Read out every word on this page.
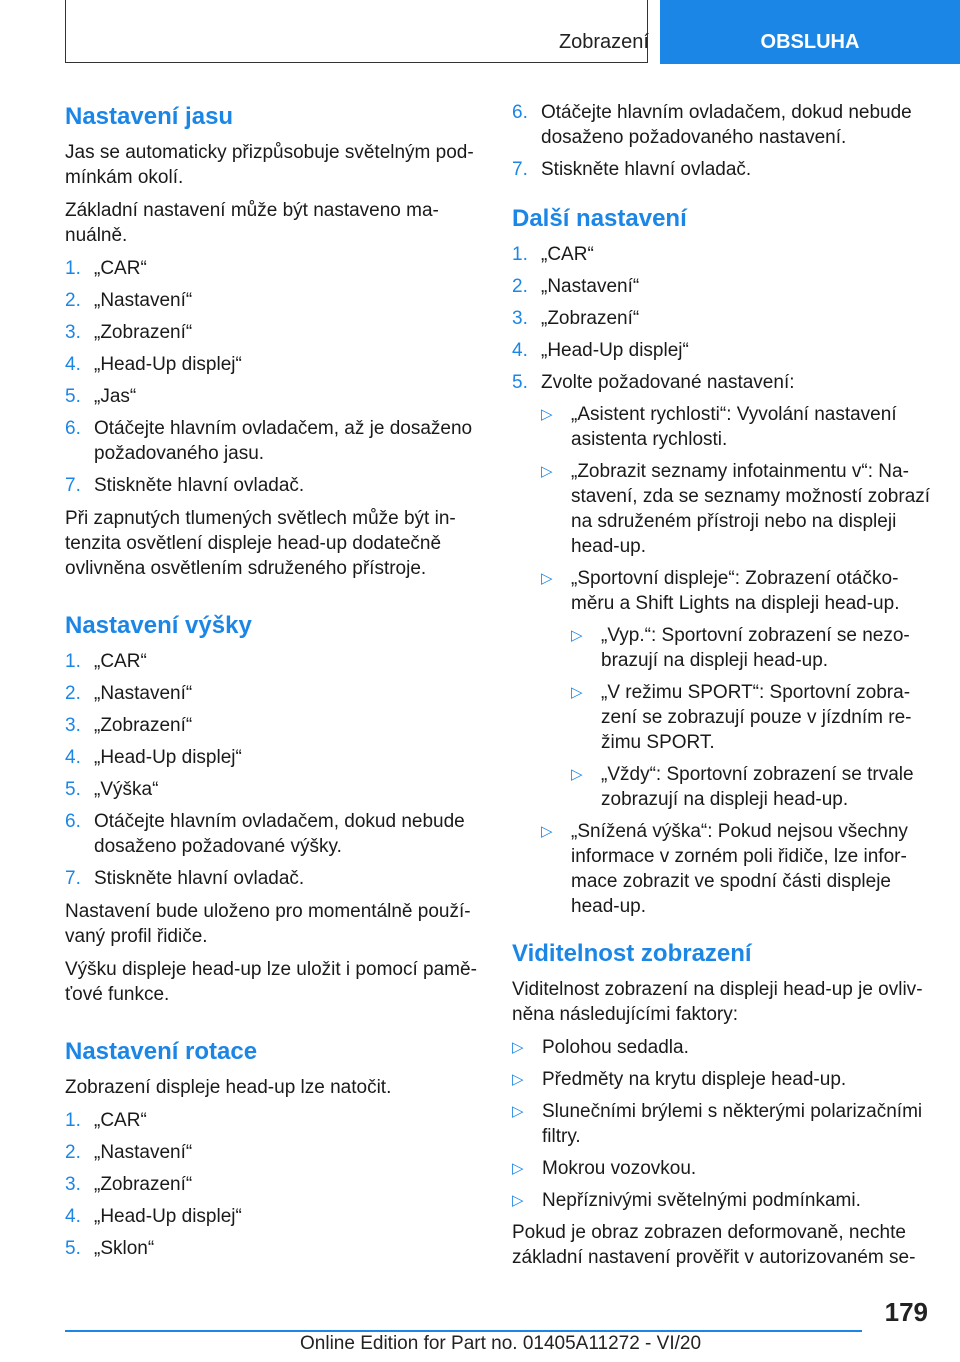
Zobrazení	OBSLUHA
Nastavení jasu

Jas se automaticky přizpůsobuje světelným podmínkám okolí.

Základní nastavení může být nastaveno manuálně.

1. „CAR“
2. „Nastavení“
3. „Zobrazení“
4. „Head-Up displej“
5. „Jas“
6. Otáčejte hlavním ovladačem, až je dosaženo požadovaného jasu.
7. Stiskněte hlavní ovladač.

Při zapnutých tlumených světlech může být intenzita osvětlení displeje head-up dodatečně ovlivněna osvětlením sdruženého přístroje.

Nastavení výšky
1. „CAR“
2. „Nastavení“
3. „Zobrazení“
4. „Head-Up displej“
5. „Výška“
6. Otáčejte hlavním ovladačem, dokud nebude dosaženo požadované výšky.
7. Stiskněte hlavní ovladač.

Nastavení bude uloženo pro momentálně používaný profil řidiče.

Výšku displeje head-up lze uložit i pomocí paměťové funkce.

Nastavení rotace

Zobrazení displeje head-up lze natočit.

1. „CAR“
2. „Nastavení“
3. „Zobrazení“
4. „Head-Up displej“
5. „Sklon“
6. Otáčejte hlavním ovladačem, dokud nebude dosaženo požadovaného nastavení.
7. Stiskněte hlavní ovladač.
Další nastavení
1. „CAR“
2. „Nastavení“
3. „Zobrazení“
4. „Head-Up displej“
5. Zvolte požadované nastavení:
▷ „Asistent rychlosti“: Vyvolání nastavení asistenta rychlosti.
▷ „Zobrazit seznamy infotainmentu v“: Nastavení, zda se seznamy možností zobrazí na sdruženém přístroji nebo na displeji head-up.
▷ „Sportovní displeje“: Zobrazení otáčkoměru a Shift Lights na displeji head-up.
▷ „Vyp.“: Sportovní zobrazení se nezobrazují na displeji head-up.
▷ „V režimu SPORT“: Sportovní zobrazení se zobrazují pouze v jízdním režimu SPORT.
▷ „Vždy“: Sportovní zobrazení se trvale zobrazují na displeji head-up.
▷ „Snížená výška“: Pokud nejsou všechny informace v zorném poli řidiče, lze informace zobrazit ve spodní části displeje head-up.
Viditelnost zobrazení

Viditelnost zobrazení na displeji head-up je ovlivněna následujícími faktory:

▷ Polohou sedadla.
▷ Předměty na krytu displeje head-up.
▷ Slunečními brýlemi s některými polarizačními filtry.
▷ Mokrou vozovkou.
▷ Nepříznivými světelnými podmínkami.

Pokud je obraz zobrazen deformovaně, nechte základní nastavení prověřit v autorizovaném se-

179
Online Edition for Part no. 01405A11272 - VI/20
